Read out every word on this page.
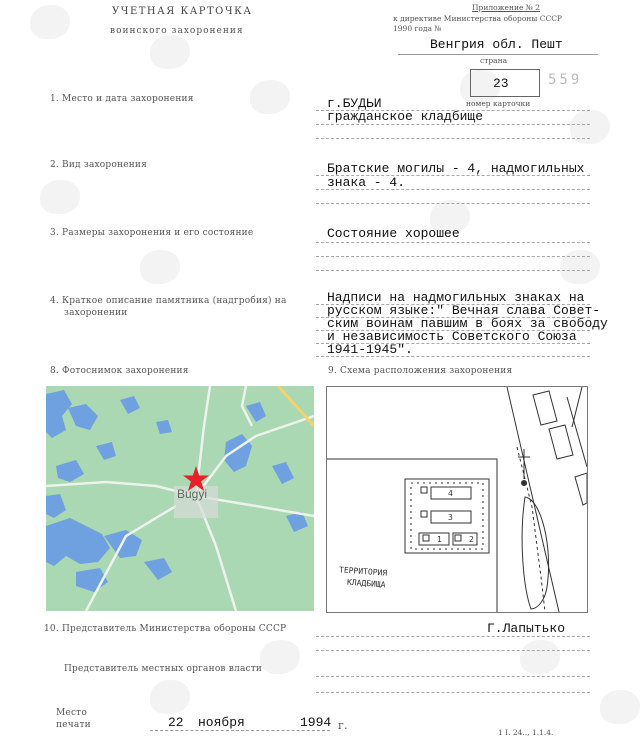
УЧЕТНАЯ КАРТОЧКА
воинского захоронения
Приложение № 2
к директиве Министерства обороны СССР
1990 года №
Венгрия обл. Пешт
страна
23	559
номер карточки
1. Место и дата захоронения	г.БУДЬИ
гражданское кладбище
2. Вид захоронения	Братские могилы - 4, надмогильных
знака - 4.
3. Размеры захоронения и его состояние	Состояние хорошее
4. Краткое описание памятника (надгробия) на
захоронении
Надписи на надмогильных знаках на
русском языке:" Вечная слава Совет-
ским воинам павшим в боях за свободу
и независимость Советского Союза
1941-1945".
8. Фотоснимок захоронения	9. Схема расположения захоронения
Bugyi	4
3
1	2
ТЕРРИТОРИЯ
КЛАДБИЩА
10. Представитель Министерства обороны СССР	Г.Лапытько
Представитель местных органов власти
Место
печати	22 ноября	1994 г.
1 I. 24.., 1.1.4.
